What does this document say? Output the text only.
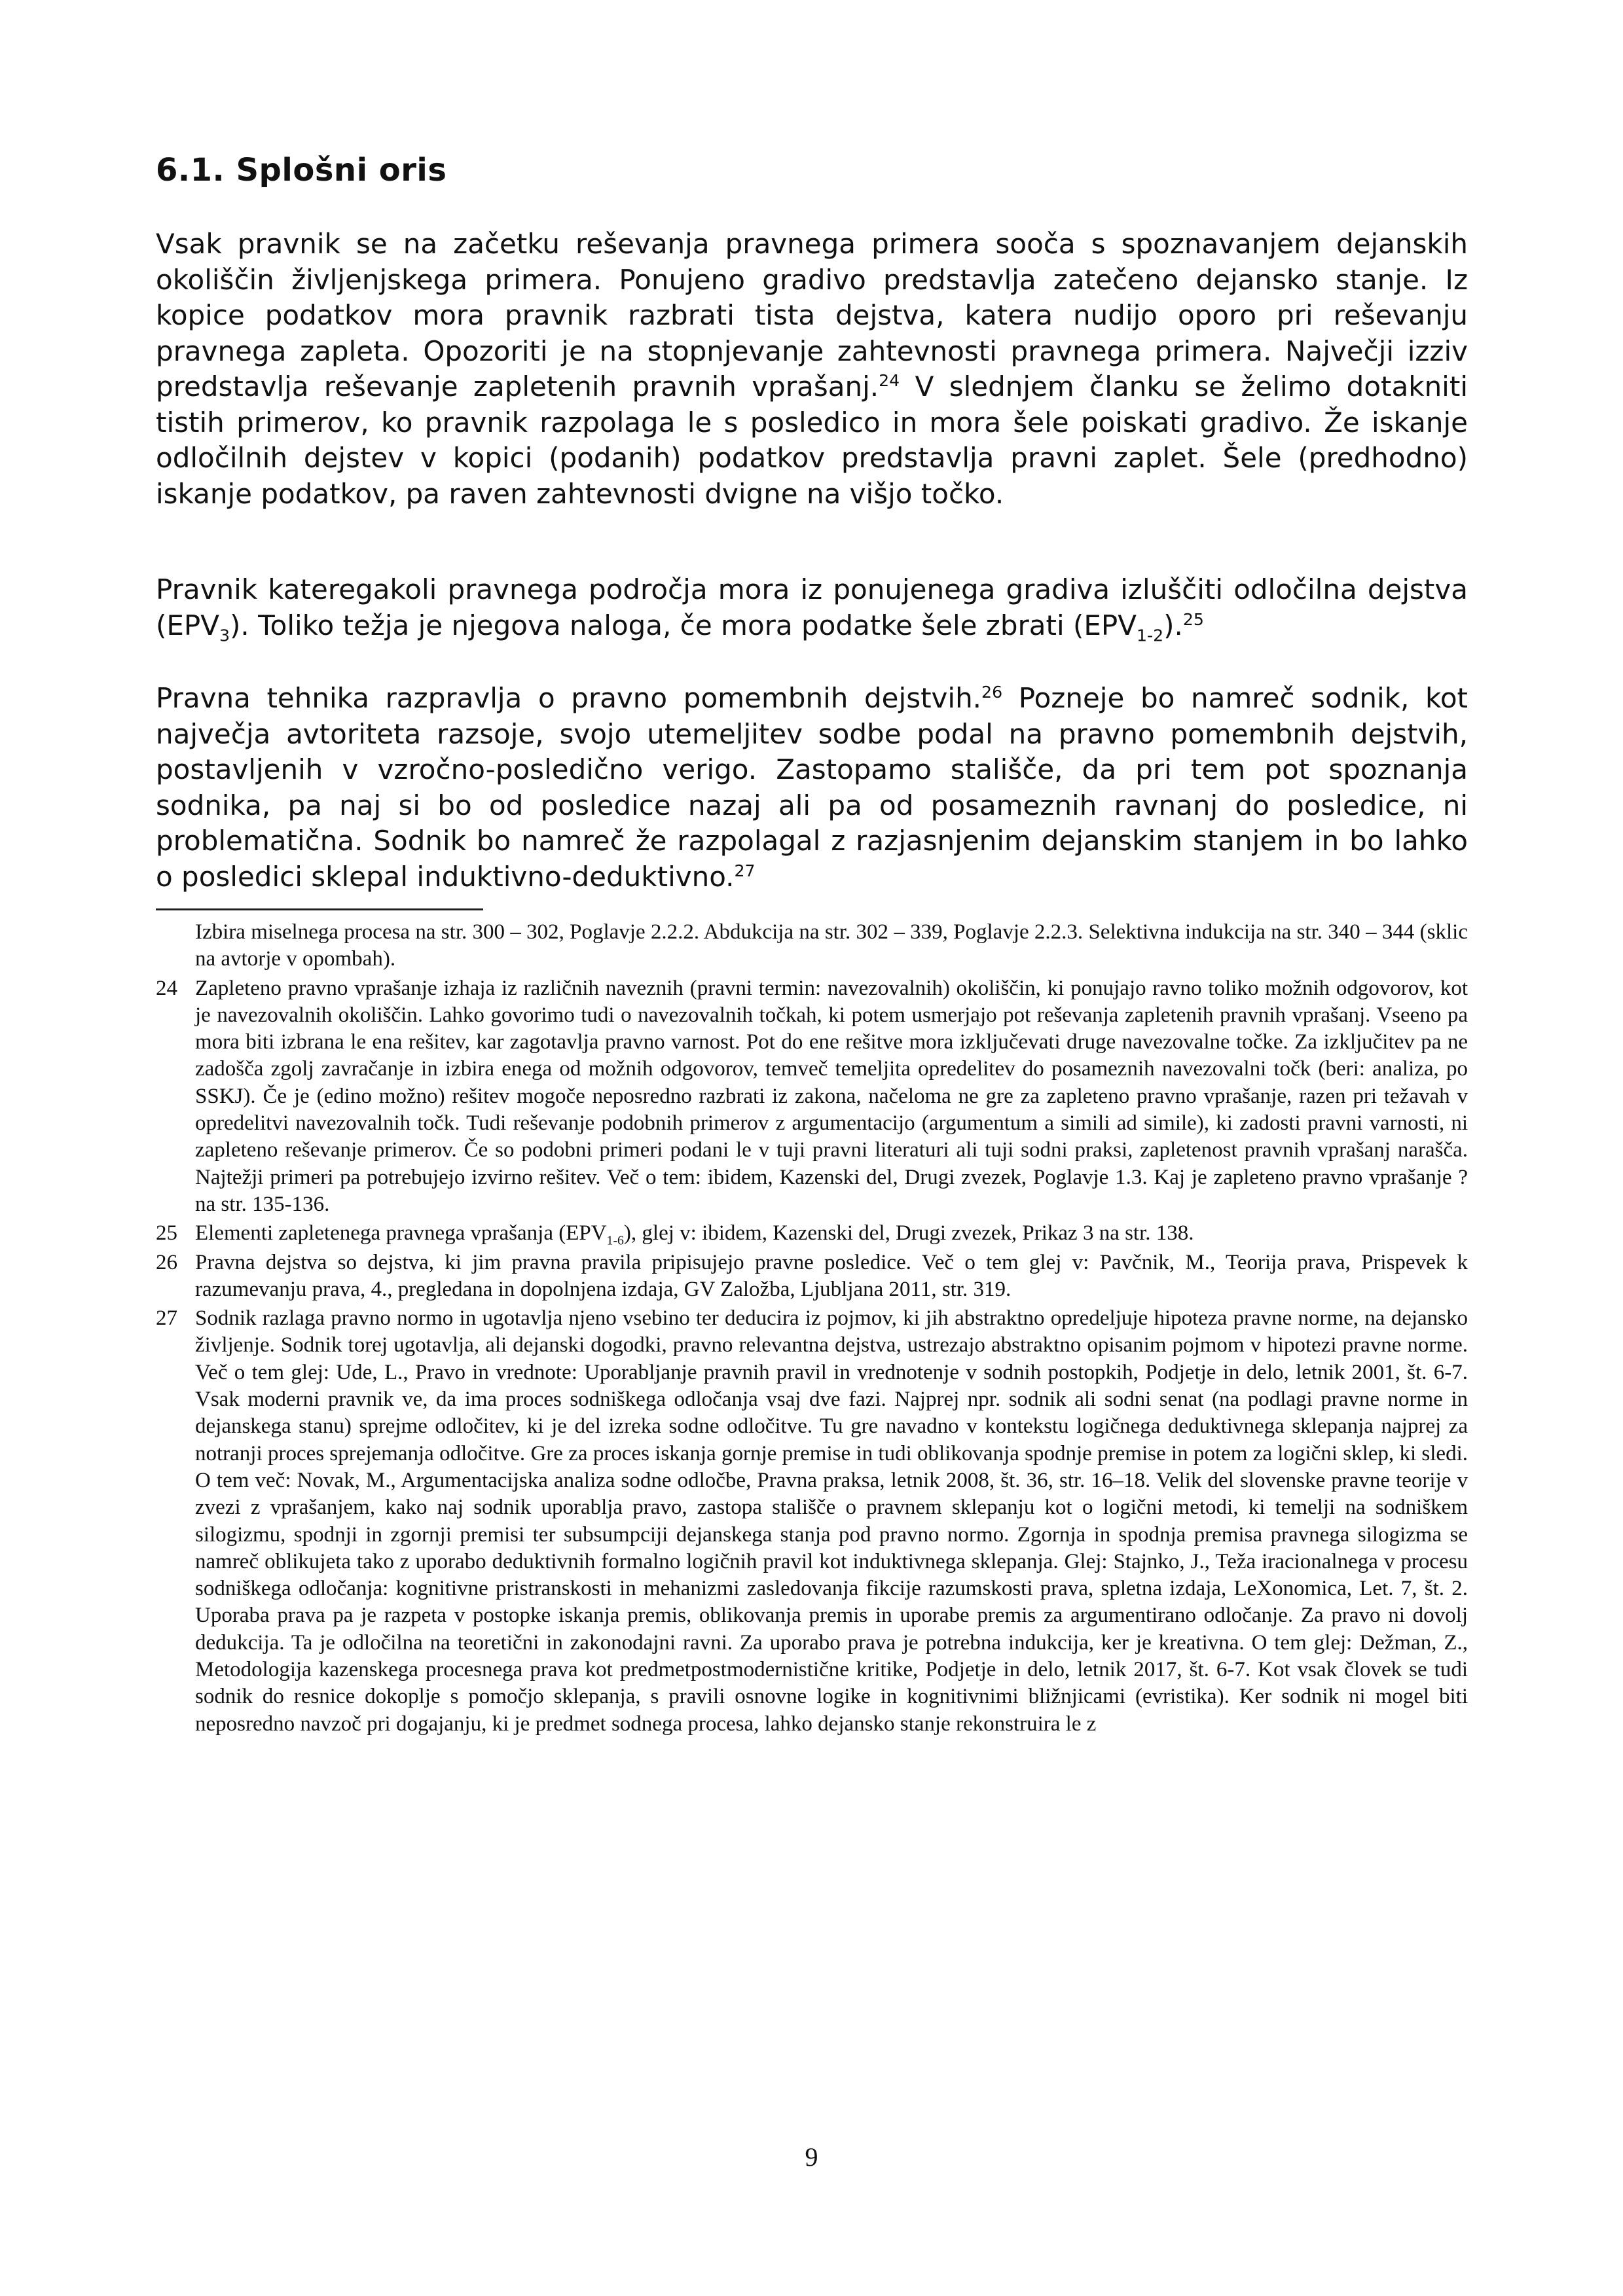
6.1. Splošni oris

Vsak pravnik se na začetku reševanja pravnega primera sooča s spoznavanjem dejanskih okoliščin življenjskega primera. Ponujeno gradivo predstavlja zatečeno dejansko stanje. Iz kopice podatkov mora pravnik razbrati tista dejstva, katera nudijo oporo pri reševanju pravnega zapleta. Opozoriti je na stopnjevanje zahtevnosti pravnega primera. Največji izziv predstavlja reševanje zapletenih pravnih vprašanj.$^{24}$ V slednjem članku se želimo dotakniti tistih primerov, ko pravnik razpolaga le s posledico in mora šele poiskati gradivo. Že iskanje odločilnih dejstev v kopici (podanih) podatkov predstavlja pravni zaplet. Šele (predhodno) iskanje podatkov, pa raven zahtevnosti dvigne na višjo točko.

Pravnik kateregakoli pravnega področja mora iz ponujenega gradiva izluščiti odločilna dejstva $(EPV_3)$. Toliko težja je njegova naloga, če mora podatke šele zbrati $(EPV_{1-2}).^{25}$

Pravna tehnika razpravlja o pravno pomembnih dejstvih.$^{26}$ Pozneje bo namreč sodnik, kot največja avtoriteta razsoje, svojo utemeljitev sodbe podal na pravno pomembnih dejstvih, postavljenih v vzročno-posledično verigo. Zastopamo stališče, da pri tem pot spoznanja sodnika, pa naj si bo od posledice nazaj ali pa od posameznih ravnanj do posledice, ni problematična. Sodnik bo namreč že razpolagal z razjasnjenim dejanskim stanjem in bo lahko o posledici sklepal induktivno-deduktivno.$^{27}$

Izbira miselnega procesa na str. 300 – 302, Poglavje 2.2.2. Abdukcija na str. 302 – 339, Poglavje 2.2.3. Selektivna indukcija na str. 340 – 344 (sklic na avtorje v opombah).

24 Zapleteno pravno vprašanje izhaja iz različnih naveznih (pravni termin: navezovalnih) okoliščin, ki ponujajo ravno toliko možnih odgovorov, kot je navezovalnih okoliščin. Lahko govorimo tudi o navezovalnih točkah, ki potem usmerjajo pot reševanja zapletenih pravnih vprašanj. Vseeno pa mora biti izbrana le ena rešitev, kar zagotavlja pravno varnost. Pot do ene rešitve mora izključevati druge navezovalne točke. Za izključitev pa ne zadošča zgolj zavračanje in izbira enega od možnih odgovorov, temveč temeljita opredelitev do posameznih navezovalni točk (beri: analiza, po SSKJ). Če je (edino možno) rešitev mogoče neposredno razbrati iz zakona, načeloma ne gre za zapleteno pravno vprašanje, razen pri težavah v opredelitvi navezovalnih točk. Tudi reševanje podobnih primerov z argumentacijo (argumentum a simili ad simile), ki zadosti pravni varnosti, ni zapleteno reševanje primerov. Če so podobni primeri podani le v tuji pravni literaturi ali tuji sodni praksi, zapletenost pravnih vprašanj narašča. Najtežji primeri pa potrebujejo izvirno rešitev. Več o tem: ibidem, Kazenski del, Drugi zvezek, Poglavje 1.3. Kaj je zapleteno pravno vprašanje ? na str. 135-136.

25 Elementi zapletenega pravnega vprašanja $(EPV_{1-6})$, glej v: ibidem, Kazenski del, Drugi zvezek, Prikaz 3 na str. 138.

26 Pravna dejstva so dejstva, ki jim pravna pravila pripisujejo pravne posledice. Več o tem glej v: Pavčnik, M., Teorija prava, Prispevek k razumevanju prava, 4., pregledana in dopolnjena izdaja, GV Založba, Ljubljana 2011, str. 319.

27 Sodnik razlaga pravno normo in ugotavlja njeno vsebino ter deducira iz pojmov, ki jih abstraktno opredeljuje hipoteza pravne norme, na dejansko življenje. Sodnik torej ugotavlja, ali dejanski dogodki, pravno relevantna dejstva, ustrezajo abstraktno opisanim pojmom v hipotezi pravne norme. Več o tem glej: Ude, L., Pravo in vrednote: Uporabljanje pravnih pravil in vrednotenje v sodnih postopkih, Podjetje in delo, letnik 2001, št. 6-7. Vsak moderni pravnik ve, da ima proces sodniškega odločanja vsaj dve fazi. Najprej npr. sodnik ali sodni senat (na podlagi pravne norme in dejanskega stanu) sprejme odločitev, ki je del izreka sodne odločitve. Tu gre navadno v kontekstu logičnega deduktivnega sklepanja najprej za notranji proces sprejemanja odločitve. Gre za proces iskanja gornje premise in tudi oblikovanja spodnje premise in potem za logični sklep, ki sledi. O tem več: Novak, M., Argumentacijska analiza sodne odločbe, Pravna praksa, letnik 2008, št. 36, str. 16–18. Velik del slovenske pravne teorije v zvezi z vprašanjem, kako naj sodnik uporablja pravo, zastopa stališče o pravnem sklepanju kot o logični metodi, ki temelji na sodniškem silogizmu, spodnji in zgornji premisi ter subsumpciji dejanskega stanja pod pravno normo. Zgornja in spodnja premisa pravnega silogizma se namreč oblikujeta tako z uporabo deduktivnih formalno logičnih pravil kot induktivnega sklepanja. Glej: Stajnko, J., Teža iracionalnega v procesu sodniškega odločanja: kognitivne pristranskosti in mehanizmi zasledovanja fikcije razumskosti prava, spletna izdaja, LeXonomica, Let. 7, št. 2. Uporaba prava pa je razpeta v postopke iskanja premis, oblikovanja premis in uporabe premis za argumentirano odločanje. Za pravo ni dovolj dedukcija. Ta je odločilna na teoretični in zakonodajni ravni. Za uporabo prava je potrebna indukcija, ker je kreativna. O tem glej: Dežman, Z., Metodologija kazenskega procesnega prava kot predmetpostmodernistične kritike, Podjetje in delo, letnik 2017, št. 6-7. Kot vsak človek se tudi sodnik do resnice dokoplje s pomočjo sklepanja, s pravili osnovne logike in kognitivnimi bližnjicami (evristika). Ker sodnik ni mogel biti neposredno navzoč pri dogajanju, ki je predmet sodnega procesa, lahko dejansko stanje rekonstruira le z

9
